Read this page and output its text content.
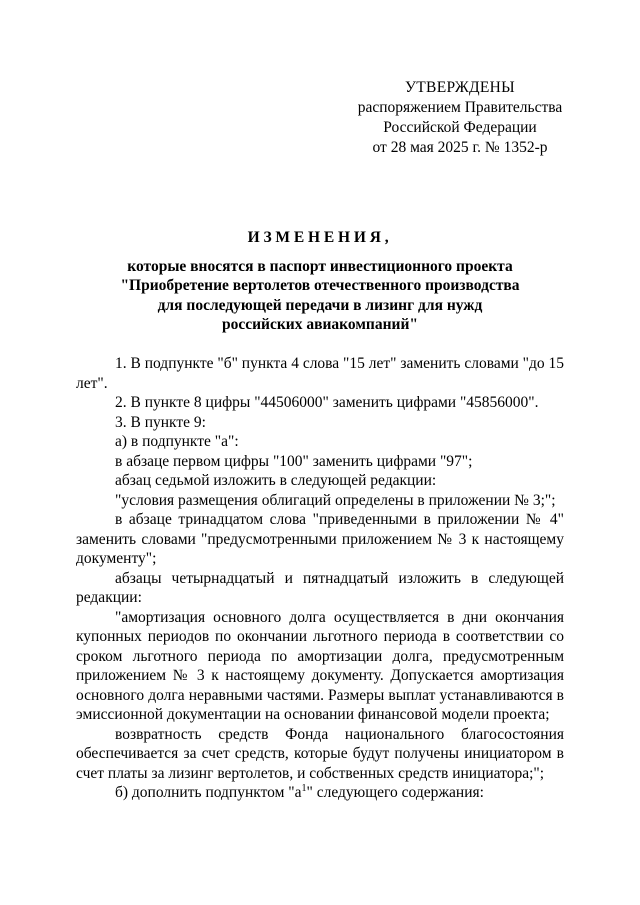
УТВЕРЖДЕНЫ
распоряжением Правительства
Российской Федерации
от 28 мая 2025 г. № 1352-р
ИЗМЕНЕНИЯ,
которые вносятся в паспорт инвестиционного проекта
"Приобретение вертолетов отечественного производства
для последующей передачи в лизинг для нужд
российских авиакомпаний"

1. В подпункте "б" пункта 4 слова "15 лет" заменить словами "до 15 лет".

2. В пункте 8 цифры "44506000" заменить цифрами "45856000".

3. В пункте 9:

а) в подпункте "а":

в абзаце первом цифры "100" заменить цифрами "97";

абзац седьмой изложить в следующей редакции:

"условия размещения облигаций определены в приложении № 3;";

в абзаце тринадцатом слова "приведенными в приложении № 4" заменить словами "предусмотренными приложением № 3 к настоящему документу";

абзацы четырнадцатый и пятнадцатый изложить в следующей редакции:

"амортизация основного долга осуществляется в дни окончания купонных периодов по окончании льготного периода в соответствии со сроком льготного периода по амортизации долга, предусмотренным приложением № 3 к настоящему документу. Допускается амортизация основного долга неравными частями. Размеры выплат устанавливаются в эмиссионной документации на основании финансовой модели проекта;

возвратность средств Фонда национального благосостояния обеспечивается за счет средств, которые будут получены инициатором в счет платы за лизинг вертолетов, и собственных средств инициатора;";

б) дополнить подпунктом "$а^1$" следующего содержания:
